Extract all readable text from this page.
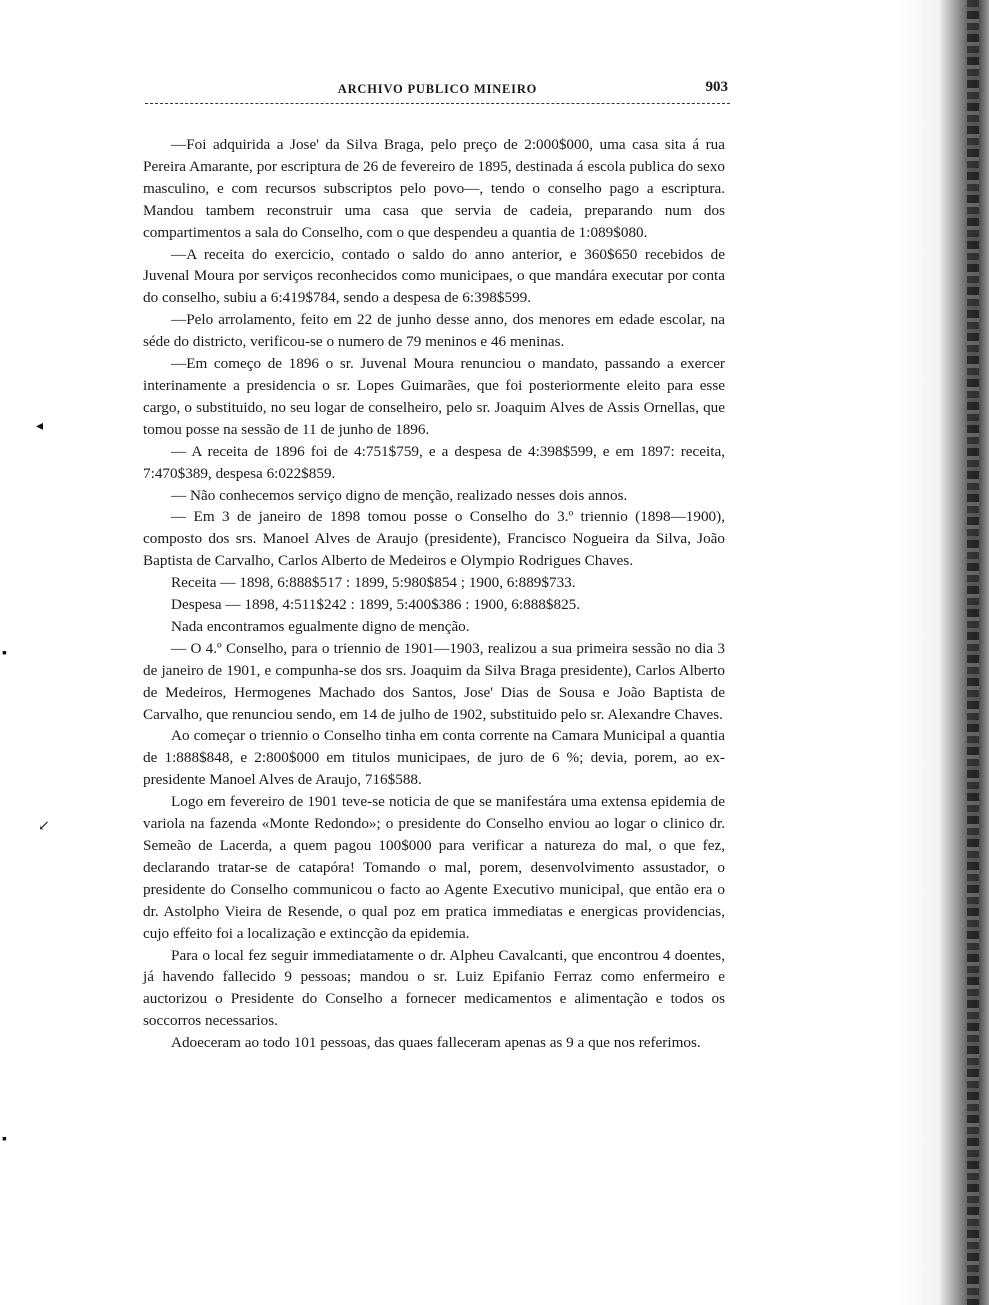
◂
↙
▪
▪
ARCHIVO PUBLICO MINEIRO	903

—Foi adquirida a Jose' da Silva Braga, pelo preço de 2:000$000, uma casa sita á rua Pereira Amarante, por escriptura de 26 de fevereiro de 1895, destinada á escola publica do sexo masculino, e com recursos subscriptos pelo povo—, tendo o conselho pago a escriptura. Mandou tambem reconstruir uma casa que servia de cadeia, preparando num dos compartimentos a sala do Conselho, com o que despendeu a quantia de 1:089$080.

—A receita do exercicio, contado o saldo do anno anterior, e 360$650 recebidos de Juvenal Moura por serviços reconhecidos como municipaes, o que mandára executar por conta do conselho, subiu a 6:419$784, sendo a despesa de 6:398$599.

—Pelo arrolamento, feito em 22 de junho desse anno, dos menores em edade escolar, na séde do districto, verificou-se o numero de 79 meninos e 46 meninas.

—Em começo de 1896 o sr. Juvenal Moura renunciou o mandato, passando a exercer interinamente a presidencia o sr. Lopes Guimarães, que foi posteriormente eleito para esse cargo, o substituido, no seu logar de conselheiro, pelo sr. Joaquim Alves de Assis Ornellas, que tomou posse na sessão de 11 de junho de 1896.

— A receita de 1896 foi de 4:751$759, e a despesa de 4:398$599, e em 1897: receita, 7:470$389, despesa 6:022$859.

— Não conhecemos serviço digno de menção, realizado nesses dois annos.

— Em 3 de janeiro de 1898 tomou posse o Conselho do 3.º triennio (1898—1900), composto dos srs. Manoel Alves de Araujo (presidente), Francisco Nogueira da Silva, João Baptista de Carvalho, Carlos Alberto de Medeiros e Olympio Rodrigues Chaves.

Receita — 1898, 6:888$517 : 1899, 5:980$854 ; 1900, 6:889$733.

Despesa — 1898, 4:511$242 : 1899, 5:400$386 : 1900, 6:888$825.

Nada encontramos egualmente digno de menção.

— O 4.º Conselho, para o triennio de 1901—1903, realizou a sua primeira sessão no dia 3 de janeiro de 1901, e compunha-se dos srs. Joaquim da Silva Braga presidente), Carlos Alberto de Medeiros, Hermogenes Machado dos Santos, Jose' Dias de Sousa e João Baptista de Carvalho, que renunciou sendo, em 14 de julho de 1902, substituido pelo sr. Alexandre Chaves.

Ao começar o triennio o Conselho tinha em conta corrente na Camara Municipal a quantia de 1:888$848, e 2:800$000 em titulos municipaes, de juro de 6 %; devia, porem, ao ex-presidente Manoel Alves de Araujo, 716$588.

Logo em fevereiro de 1901 teve-se noticia de que se manifestára uma extensa epidemia de variola na fazenda «Monte Redondo»; o presidente do Conselho enviou ao logar o clinico dr. Semeão de Lacerda, a quem pagou 100$000 para verificar a natureza do mal, o que fez, declarando tratar-se de catapóra! Tomando o mal, porem, desenvolvimento assustador, o presidente do Conselho communicou o facto ao Agente Executivo municipal, que então era o dr. Astolpho Vieira de Resende, o qual poz em pratica immediatas e energicas providencias, cujo effeito foi a localização e extincção da epidemia.

Para o local fez seguir immediatamente o dr. Alpheu Cavalcanti, que encontrou 4 doentes, já havendo fallecido 9 pessoas; mandou o sr. Luiz Epifanio Ferraz como enfermeiro e auctorizou o Presidente do Conselho a fornecer medicamentos e alimentação e todos os soccorros necessarios.

Adoeceram ao todo 101 pessoas, das quaes falleceram apenas as 9 a que nos referimos.
